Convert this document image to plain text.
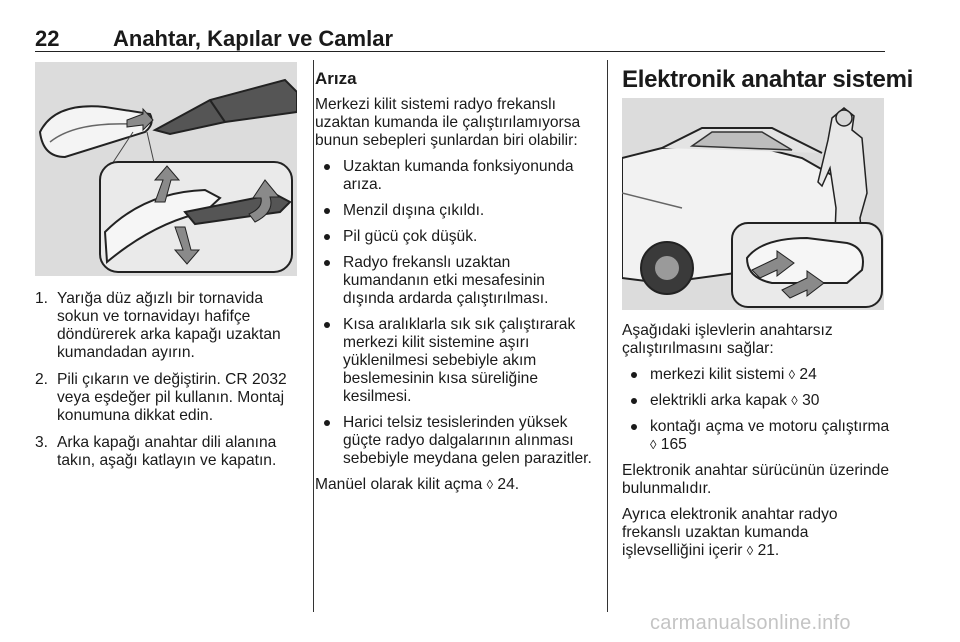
22 Anahtar, Kapılar ve Camlar
1. Yarığa düz ağızlı bir tornavida sokun ve tornavidayı hafifçe döndürerek arka kapağı uzaktan kumandadan ayırın.
2. Pili çıkarın ve değiştirin. CR 2032 veya eşdeğer pil kullanın. Montaj konumuna dikkat edin.
3. Arka kapağı anahtar dili alanına takın, aşağı katlayın ve kapatın.
Arıza

Merkezi kilit sistemi radyo frekanslı uzaktan kumanda ile çalıştırılamıyorsa bunun sebepleri şunlardan biri olabilir:

Uzaktan kumanda fonksiyonunda arıza.
Menzil dışına çıkıldı.
Pil gücü çok düşük.
Radyo frekanslı uzaktan kumandanın etki mesafesinin dışında ardarda çalıştırılması.
Kısa aralıklarla sık sık çalıştırarak merkezi kilit sistemine aşırı yüklenilmesi sebebiyle akım beslemesinin kısa süreliğine kesilmesi.
Harici telsiz tesislerinden yüksek güçte radyo dalgalarının alınması sebebiyle meydana gelen parazitler.

Manüel olarak kilit açma ◊ 24.

Elektronik anahtar sistemi

Aşağıdaki işlevlerin anahtarsız çalıştırılmasını sağlar:

merkezi kilit sistemi ◊ 24
elektrikli arka kapak ◊ 30
kontağı açma ve motoru çalıştırma ◊ 165

Elektronik anahtar sürücünün üzerinde bulunmalıdır.

Ayrıca elektronik anahtar radyo frekanslı uzaktan kumanda işlevselliğini içerir ◊ 21.

carmanualsonline.info
